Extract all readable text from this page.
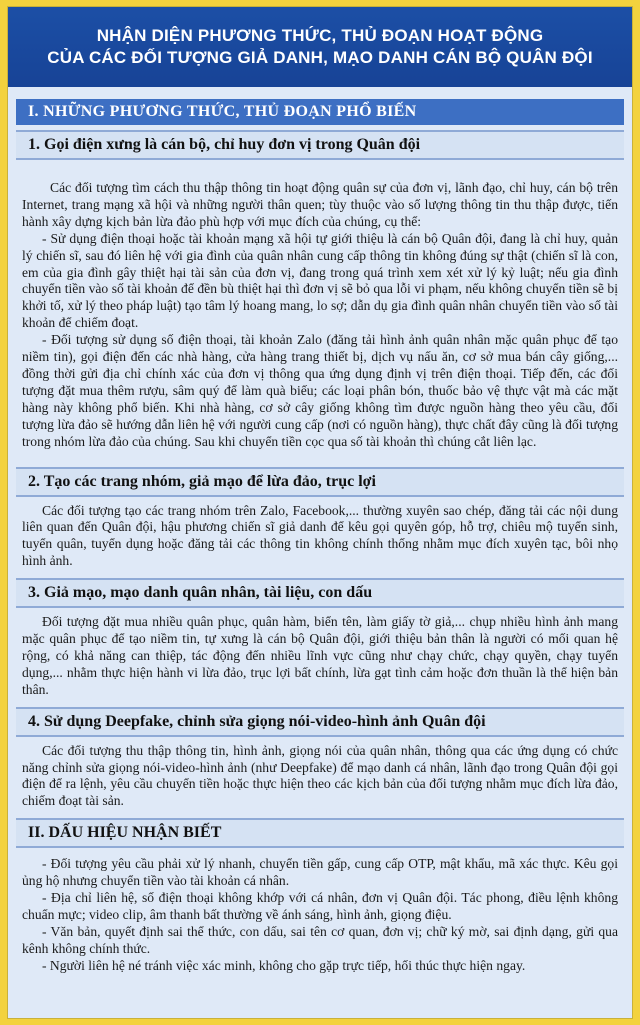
NHẬN DIỆN PHƯƠNG THỨC, THỦ ĐOẠN HOẠT ĐỘNG
CỦA CÁC ĐỐI TƯỢNG GIẢ DANH, MẠO DANH CÁN BỘ QUÂN ĐỘI
I. NHỮNG PHƯƠNG THỨC, THỦ ĐOẠN PHỔ BIẾN
1. Gọi điện xưng là cán bộ, chỉ huy đơn vị trong Quân đội

Các đối tượng tìm cách thu thập thông tin hoạt động quân sự của đơn vị, lãnh đạo, chỉ huy, cán bộ trên Internet, trang mạng xã hội và những người thân quen; tùy thuộc vào số lượng thông tin thu thập được, tiến hành xây dựng kịch bản lừa đảo phù hợp với mục đích của chúng, cụ thể:

- Sử dụng điện thoại hoặc tài khoản mạng xã hội tự giới thiệu là cán bộ Quân đội, đang là chỉ huy, quản lý chiến sĩ, sau đó liên hệ với gia đình của quân nhân cung cấp thông tin không đúng sự thật (chiến sĩ là con, em của gia đình gây thiệt hại tài sản của đơn vị, đang trong quá trình xem xét xử lý kỷ luật; nếu gia đình chuyển tiền vào số tài khoản để đền bù thiệt hại thì đơn vị sẽ bỏ qua lỗi vi phạm, nếu không chuyển tiền sẽ bị khởi tố, xử lý theo pháp luật) tạo tâm lý hoang mang, lo sợ; dẫn dụ gia đình quân nhân chuyển tiền vào số tài khoản để chiếm đoạt.

- Đối tượng sử dụng số điện thoại, tài khoản Zalo (đăng tải hình ảnh quân nhân mặc quân phục để tạo niềm tin), gọi điện đến các nhà hàng, cửa hàng trang thiết bị, dịch vụ nấu ăn, cơ sở mua bán cây giống,... đồng thời gửi địa chỉ chính xác của đơn vị thông qua ứng dụng định vị trên điện thoại. Tiếp đến, các đối tượng đặt mua thêm rượu, sâm quý để làm quà biếu; các loại phân bón, thuốc bảo vệ thực vật mà các mặt hàng này không phổ biến. Khi nhà hàng, cơ sở cây giống không tìm được nguồn hàng theo yêu cầu, đối tượng lừa đảo sẽ hướng dẫn liên hệ với người cung cấp (nơi có nguồn hàng), thực chất đây cũng là đối tượng trong nhóm lừa đảo của chúng. Sau khi chuyển tiền cọc qua số tài khoản thì chúng cắt liên lạc.

2. Tạo các trang nhóm, giả mạo để lừa đảo, trục lợi

Các đối tượng tạo các trang nhóm trên Zalo, Facebook,... thường xuyên sao chép, đăng tải các nội dung liên quan đến Quân đội, hậu phương chiến sĩ giả danh để kêu gọi quyên góp, hỗ trợ, chiêu mộ tuyển sinh, tuyển quân, tuyển dụng hoặc đăng tải các thông tin không chính thống nhằm mục đích xuyên tạc, bôi nhọ hình ảnh.

3. Giả mạo, mạo danh quân nhân, tài liệu, con dấu

Đối tượng đặt mua nhiều quân phục, quân hàm, biển tên, làm giấy tờ giả,... chụp nhiều hình ảnh mang mặc quân phục để tạo niềm tin, tự xưng là cán bộ Quân đội, giới thiệu bản thân là người có mối quan hệ rộng, có khả năng can thiệp, tác động đến nhiều lĩnh vực cũng như chạy chức, chạy quyền, chạy tuyển dụng,... nhằm thực hiện hành vi lừa đảo, trục lợi bất chính, lừa gạt tình cảm hoặc đơn thuần là thể hiện bản thân.

4. Sử dụng Deepfake, chỉnh sửa giọng nói-video-hình ảnh Quân đội

Các đối tượng thu thập thông tin, hình ảnh, giọng nói của quân nhân, thông qua các ứng dụng có chức năng chỉnh sửa giọng nói-video-hình ảnh (như Deepfake) để mạo danh cá nhân, lãnh đạo trong Quân đội gọi điện để ra lệnh, yêu cầu chuyển tiền hoặc thực hiện theo các kịch bản của đối tượng nhằm mục đích lừa đảo, chiếm đoạt tài sản.

II. DẤU HIỆU NHẬN BIẾT

- Đối tượng yêu cầu phải xử lý nhanh, chuyển tiền gấp, cung cấp OTP, mật khẩu, mã xác thực. Kêu gọi ủng hộ nhưng chuyển tiền vào tài khoản cá nhân.

- Địa chỉ liên hệ, số điện thoại không khớp với cá nhân, đơn vị Quân đội. Tác phong, điều lệnh không chuẩn mực; video clip, âm thanh bất thường về ánh sáng, hình ảnh, giọng điệu.

- Văn bản, quyết định sai thể thức, con dấu, sai tên cơ quan, đơn vị; chữ ký mờ, sai định dạng, gửi qua kênh không chính thức.

- Người liên hệ né tránh việc xác minh, không cho gặp trực tiếp, hối thúc thực hiện ngay.
